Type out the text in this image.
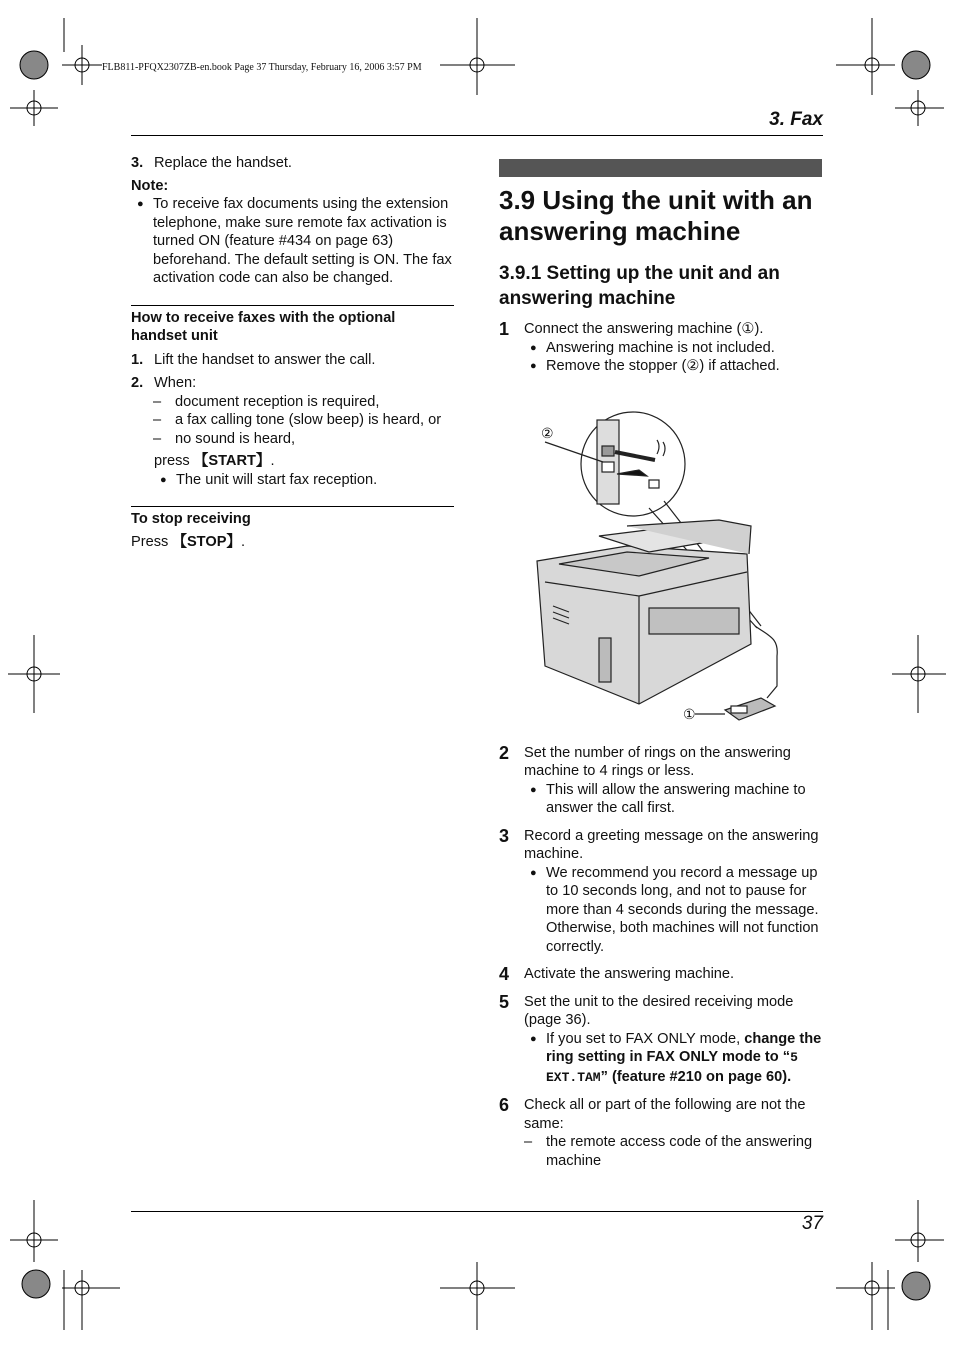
FLB811-PFQX2307ZB-en.book Page 37 Thursday, February 16, 2006 3:57 PM
3. Fax
3. Replace the handset.
Note:
● To receive fax documents using the extension telephone, make sure remote fax activation is turned ON (feature #434 on page 63) beforehand. The default setting is ON. The fax activation code can also be changed.
How to receive faxes with the optional handset unit
1. Lift the handset to answer the call.
2. When:
– document reception is required,
– a fax calling tone (slow beep) is heard, or
– no sound is heard,
press 【START】.
● The unit will start fax reception.
To stop receiving
Press 【STOP】.
3.9 Using the unit with an answering machine
3.9.1 Setting up the unit and an answering machine
1	Connect the answering machine (①).
● Answering machine is not included.
● Remove the stopper (②) if attached.
②
①
2	Set the number of rings on the answering machine to 4 rings or less.
● This will allow the answering machine to answer the call first.
3	Record a greeting message on the answering machine.
● We recommend you record a message up to 10 seconds long, and not to pause for more than 4 seconds during the message. Otherwise, both machines will not function correctly.
4	Activate the answering machine.
5	Set the unit to the desired receiving mode (page 36).
● If you set to FAX ONLY mode, change the ring setting in FAX ONLY mode to “5 EXT.TAM” (feature #210 on page 60).
6	Check all or part of the following are not the same:
– the remote access code of the answering machine
37
